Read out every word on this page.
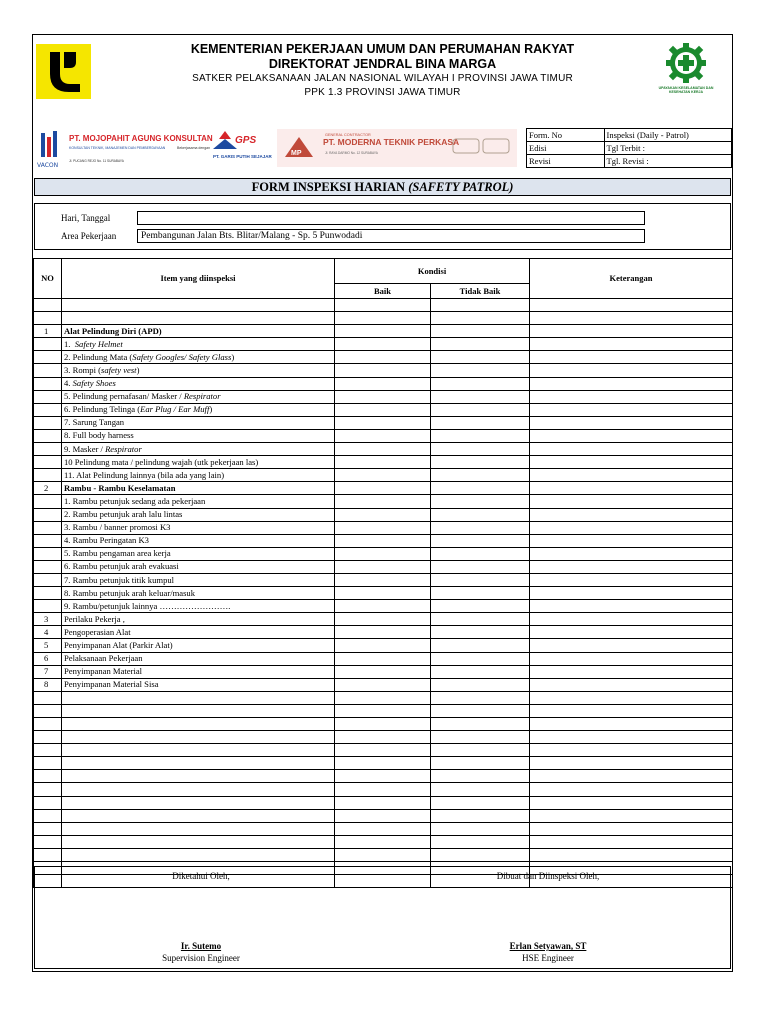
KEMENTERIAN PEKERJAAN UMUM DAN PERUMAHAN RAKYAT
DIREKTORAT JENDRAL BINA MARGA
SATKER PELAKSANAAN JALAN NASIONAL WILAYAH I PROVINSI JAWA TIMUR
PPK 1.3 PROVINSI JAWA TIMUR	UPAYAKAN KESELAMATAN DAN KESEHATAN KERJA
VACON
PT. MOJOPAHIT AGUNG KONSULTAN
KONSULTAN TEKNIK, MANAJEMEN DAN PEMBERDAYAAN	Bekerjasama dengan
Jl. PUCANG REJO No. 11 SURABAYA
GPS
PT. GARIS PUTIH SEJAJAR	MP
GENERAL CONTRACTOR
PT. MODERNA TEKNIK PERKASA
Jl. RAYA DARMO No. 12 SURABAYA
Form. No	Inspeksi (Daily - Patrol)
Edisi	Tgl Terbit :
Revisi	Tgl. Revisi :
FORM INSPEKSI HARIAN (SAFETY PATROL)
Hari, Tanggal
Area Pekerjaan	Pembangunan Jalan Bts. Blitar/Malang - Sp. 5 Punwodadi
NO	Item yang diinspeksi	Kondisi		Keterangan
		Baik	Tidak Baik	

1	Alat Pelindung Diri (APD)			
	1.  Safety Helmet			
	2. Pelindung Mata (Safety Googles/ Safety Glass)			
	3. Rompi (safety vest)			
	4. Safety Shoes			
	5. Pelindung pernafasan/ Masker / Respirator			
	6. Pelindung Telinga (Ear Plug / Ear Muff)			
	7. Sarung Tangan			
	8. Full body harness			
	9. Masker / Respirator			
	10 Pelindung mata / pelindung wajah (utk pekerjaan las)			
	11. Alat Pelindung lainnya (bila ada yang lain)			
2	Rambu - Rambu Keselamatan			
	1. Rambu petunjuk sedang ada pekerjaan			
	2. Rambu petunjuk arah lalu lintas			
	3. Rambu / banner promosi K3			
	4. Rambu Peringatan K3			
	5. Rambu pengaman area kerja			
	6. Rambu petunjuk arah evakuasi			
	7. Rambu petunjuk titik kumpul			
	8. Rambu petunjuk arah keluar/masuk			
	9. Rambu/petunjuk lainnya …………………….			
3	Perilaku Pekerja ,			
4	Pengoperasian Alat			
5	Penyimpanan Alat (Parkir Alat)			
6	Pelaksanaan Pekerjaan			
7	Penyimpanan Material			
8	Penyimpanan Material Sisa			

Diketahui Oleh,
Ir. Sutemo
Supervision Engineer
Dibuat dan Diinspeksi Oleh,
Erlan Setyawan, ST
HSE Engineer
